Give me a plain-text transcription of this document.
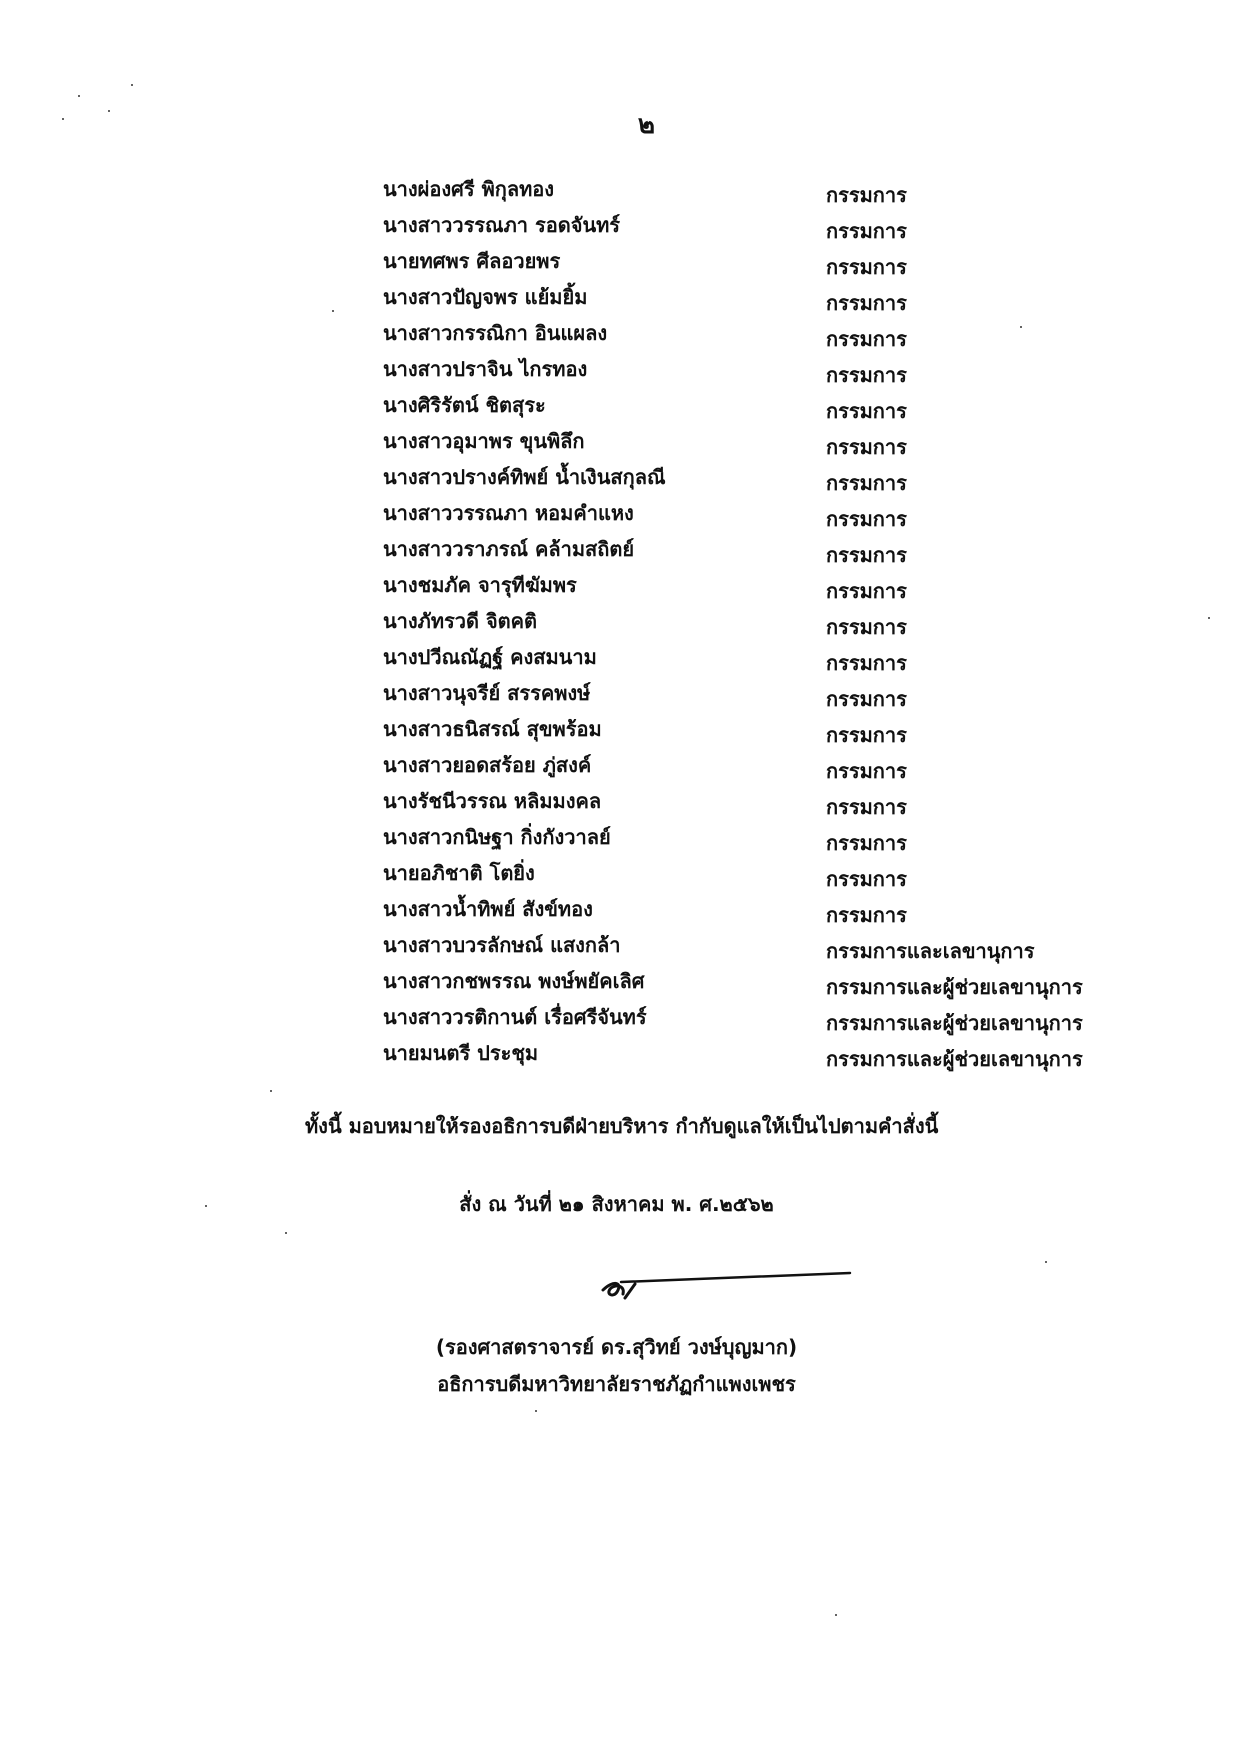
๒
นางผ่องศรี พิกุลทอง	กรรมการ
นางสาววรรณภา รอดจันทร์	กรรมการ
นายทศพร ศีลอวยพร	กรรมการ
นางสาวปัญจพร แย้มยิ้ม	กรรมการ
นางสาวกรรณิกา อินแผลง	กรรมการ
นางสาวปราจิน ไกรทอง	กรรมการ
นางศิริรัตน์ ชิตสุระ	กรรมการ
นางสาวอุมาพร ขุนพิลึก	กรรมการ
นางสาวปรางค์ทิพย์ น้ำเงินสกุลณี	กรรมการ
นางสาววรรณภา หอมคำแหง	กรรมการ
นางสาววราภรณ์ คล้ามสถิตย์	กรรมการ
นางชมภัค จารุทีฆัมพร	กรรมการ
นางภัทรวดี จิตคติ	กรรมการ
นางปวีณณัฏฐ์ คงสมนาม	กรรมการ
นางสาวนุจรีย์ สรรคพงษ์	กรรมการ
นางสาวธนิสรณ์ สุขพร้อม	กรรมการ
นางสาวยอดสร้อย ภู่สงค์	กรรมการ
นางรัชนีวรรณ หลิมมงคล	กรรมการ
นางสาวกนิษฐา กิ่งกังวาลย์	กรรมการ
นายอภิชาติ โตยิ่ง	กรรมการ
นางสาวน้ำทิพย์ สังข์ทอง	กรรมการ
นางสาวบวรลักษณ์ แสงกล้า	กรรมการและเลขานุการ
นางสาวกชพรรณ พงษ์พยัคเลิศ	กรรมการและผู้ช่วยเลขานุการ
นางสาววรติกานต์ เรื่อศรีจันทร์	กรรมการและผู้ช่วยเลขานุการ
นายมนตรี ประชุม	กรรมการและผู้ช่วยเลขานุการ
ทั้งนี้ มอบหมายให้รองอธิการบดีฝ่ายบริหาร กำกับดูแลให้เป็นไปตามคำสั่งนี้
สั่ง ณ วันที่ ๒๑ สิงหาคม พ. ศ.๒๕๖๒
(รองศาสตราจารย์ ดร.สุวิทย์ วงษ์บุญมาก)
อธิการบดีมหาวิทยาลัยราชภัฏกำแพงเพชร
